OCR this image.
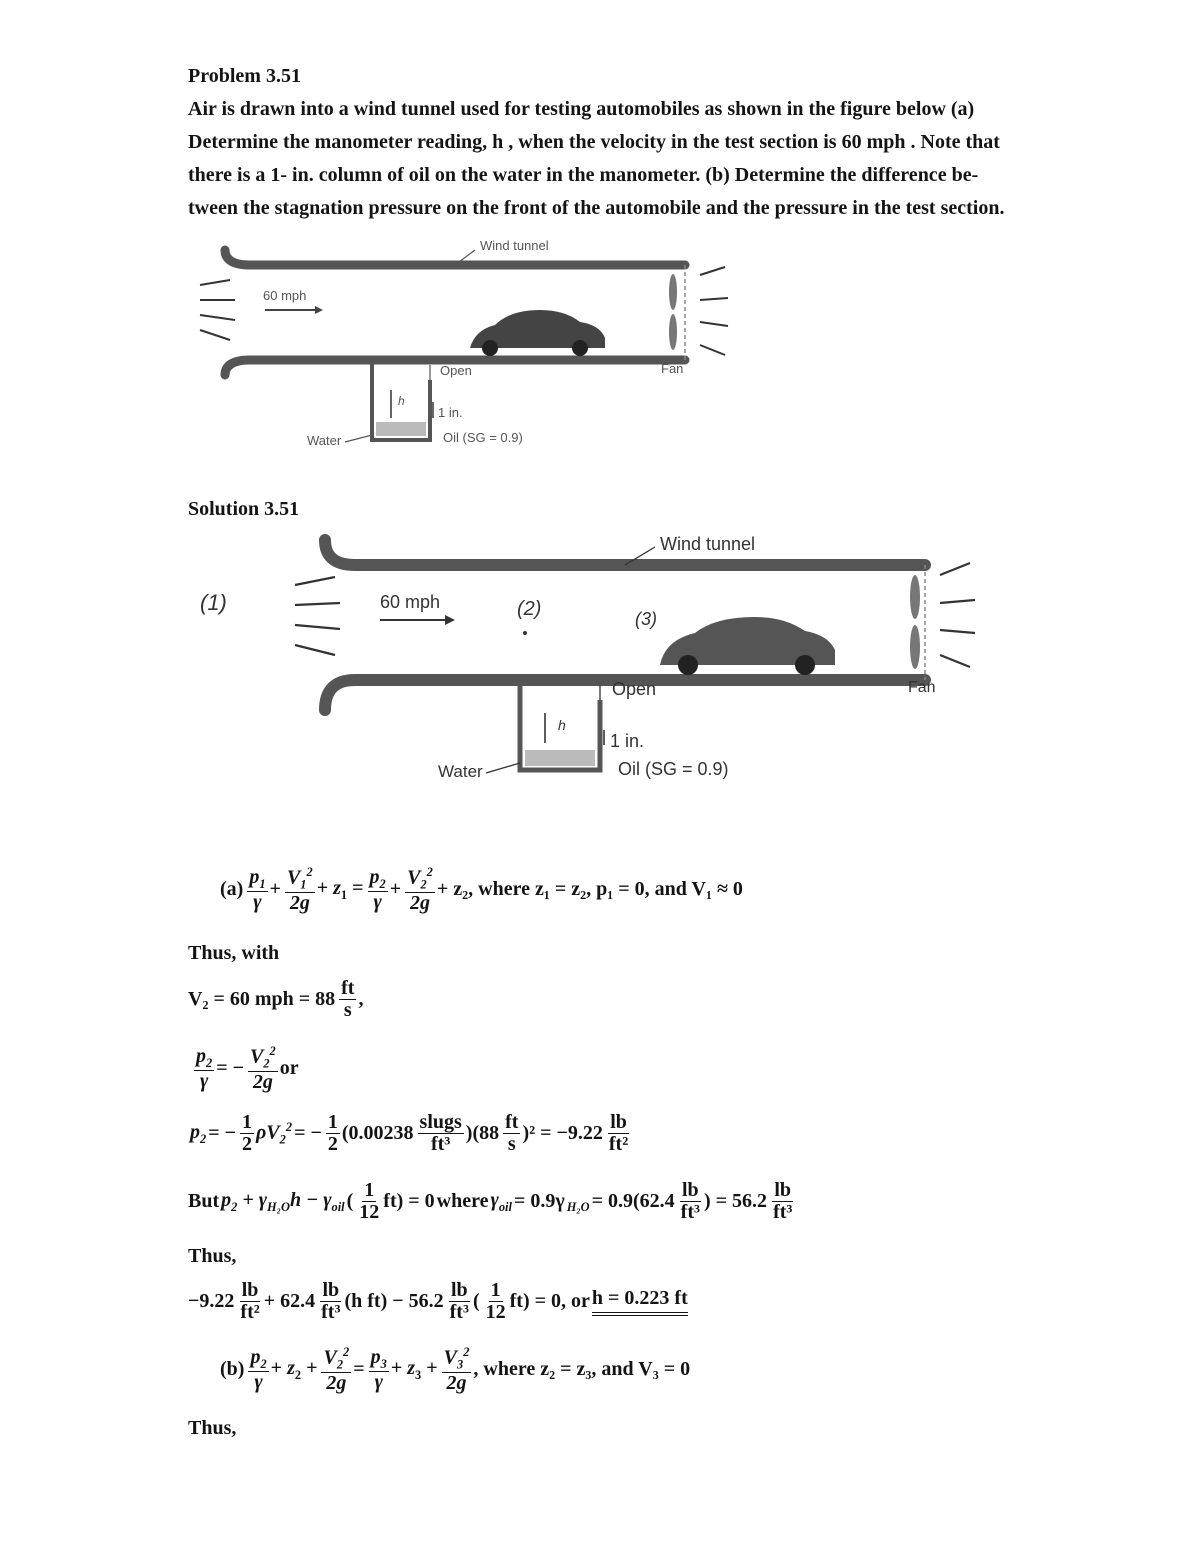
Problem 3.51
Air is drawn into a wind tunnel used for testing automobiles as shown in the figure below (a)
Determine the manometer reading, h , when the velocity in the test section is 60 mph . Note that
there is a 1- in. column of oil on the water in the manometer. (b) Determine the difference be-
tween the stagnation pressure on the front of the automobile and the pressure in the test section.
60 mph
Wind tunnel
Fan
Open
h
1 in.
Oil (SG = 0.9)
Water
Solution 3.51
(1)	60 mph	(2)	(3)
Wind tunnel
Fan
Open
h
1 in.
Oil (SG = 0.9)
Water
$(a) \frac{p_1}{\gamma} + \frac{V_1^2}{2g} + z_1 = \frac{p_2}{\gamma} + \frac{V_2^2}{2g} + z_2$, where z₁ = z₂, p₁ = 0, and V₁ ≈ 0
Thus, with
V₂ = 60 mph = $88 \frac{ft}{s}$ ,
$\frac{p_2}{\gamma}$ = − $\frac{V_2^2}{2g}$ or
$p_2$ = − $\frac{1}{2} \rho V_2^2$ = − $\frac{1}{2} (0.00238 \frac{\text{slugs}}{\text{ft³}} )(88 \frac{ft}{s} )^2 = -9.22 \frac{lb}{\text{ft²}}$
But $p_2 + \gamma_{H_2O}h - \gamma_{oil}$ ( $\frac{1}{12} ft) = 0$ where $\gamma_{oil} = 0.9\gamma$ $_{H_2O} = 0.9(62.4 \frac{lb}{\text{ft³}}$ ) = $56.2 \frac{lb}{\text{ft³}}$
Thus,
$-9.22 \frac{lb}{\text{ft²}} + 62.4 \frac{lb}{\text{ft³}} (h$ $ft) - 56.2 \frac{lb}{\text{ft³}}$ ( $\frac{1}{12} ft) = 0$, or h = 0.223 ft
$(b) \frac{p_2}{\gamma} + z_2 + \frac{V_2^2}{2g} = \frac{p_3}{\gamma} + z_3 + \frac{V_3^2}{2g}$ , where z₂ = z₃, and V₃ = 0
Thus,
